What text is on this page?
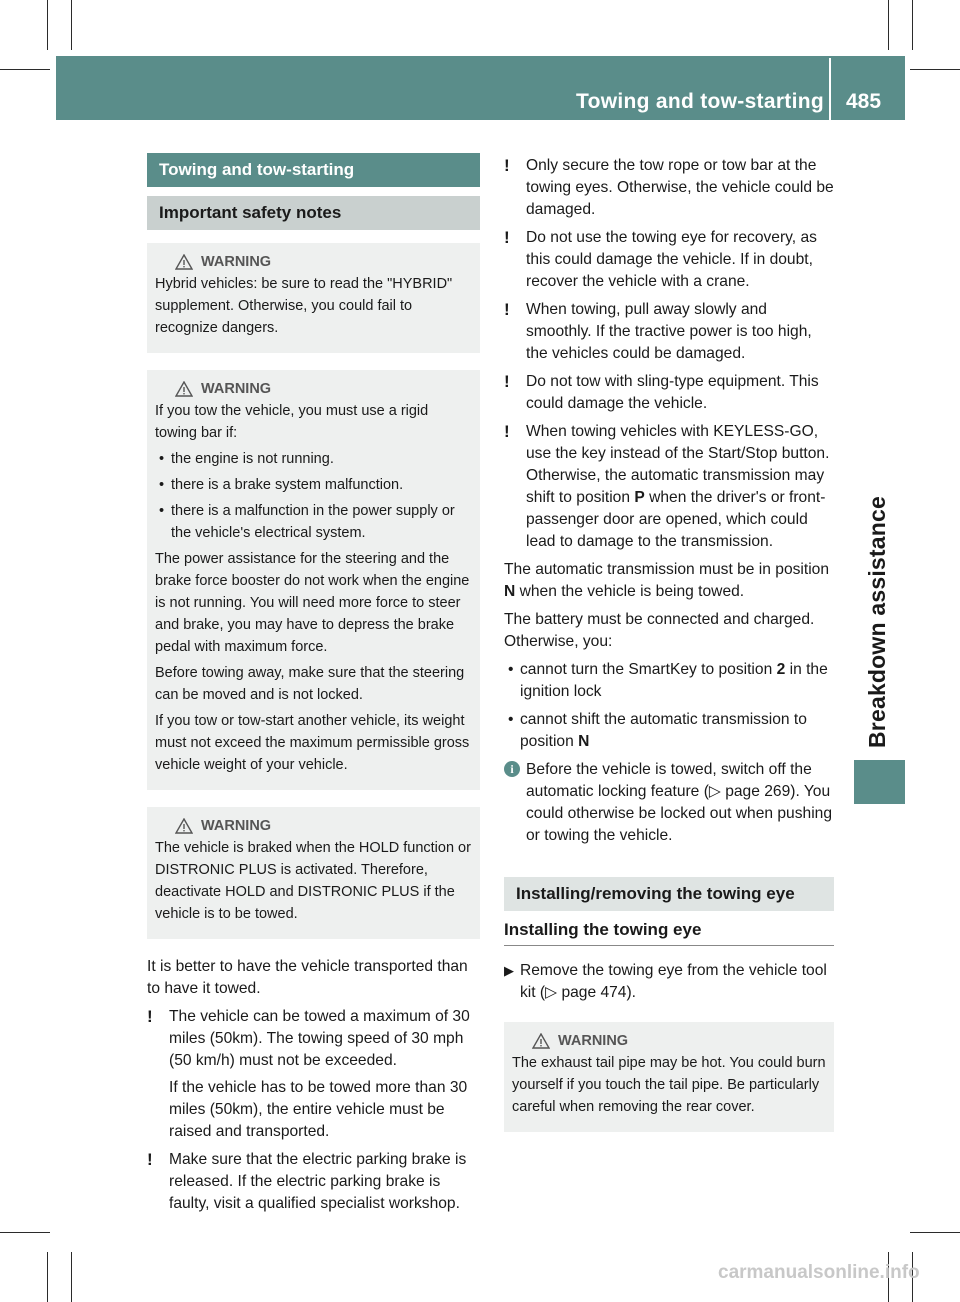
Towing and tow-starting 485
Breakdown assistance
Towing and tow-starting
Important safety notes
WARNING

Hybrid vehicles: be sure to read the "HYBRID" supplement. Otherwise, you could fail to recognize dangers.

WARNING

If you tow the vehicle, you must use a rigid towing bar if:

• the engine is not running.

• there is a brake system malfunction.

• there is a malfunction in the power supply or the vehicle's electrical system.

The power assistance for the steering and the brake force booster do not work when the engine is not running. You will need more force to steer and brake, you may have to depress the brake pedal with maximum force.

Before towing away, make sure that the steering can be moved and is not locked.

If you tow or tow-start another vehicle, its weight must not exceed the maximum permissible gross vehicle weight of your vehicle.

WARNING

The vehicle is braked when the HOLD function or DISTRONIC PLUS is activated. Therefore, deactivate HOLD and DISTRONIC PLUS if the vehicle is to be towed.

It is better to have the vehicle transported than to have it towed.

! The vehicle can be towed a maximum of 30 miles (50km). The towing speed of 30 mph (50 km/h) must not be exceeded.

If the vehicle has to be towed more than 30 miles (50km), the entire vehicle must be raised and transported.

! Make sure that the electric parking brake is released. If the electric parking brake is faulty, visit a qualified specialist workshop.

! Only secure the tow rope or tow bar at the towing eyes. Otherwise, the vehicle could be damaged.

! Do not use the towing eye for recovery, as this could damage the vehicle. If in doubt, recover the vehicle with a crane.

! When towing, pull away slowly and smoothly. If the tractive power is too high, the vehicles could be damaged.

! Do not tow with sling-type equipment. This could damage the vehicle.

! When towing vehicles with KEYLESS-GO, use the key instead of the Start/Stop button. Otherwise, the automatic transmission may shift to position P when the driver's or front-passenger door are opened, which could lead to damage to the transmission.

The automatic transmission must be in position N when the vehicle is being towed.

The battery must be connected and charged. Otherwise, you:

• cannot turn the SmartKey to position 2 in the ignition lock

• cannot shift the automatic transmission to position N

i Before the vehicle is towed, switch off the automatic locking feature (▷ page 269). You could otherwise be locked out when pushing or towing the vehicle.

Installing/removing the towing eye
Installing the towing eye
▶ Remove the towing eye from the vehicle tool kit (▷ page 474).

WARNING

The exhaust tail pipe may be hot. You could burn yourself if you touch the tail pipe. Be particularly careful when removing the rear cover.

carmanualsonline.info
